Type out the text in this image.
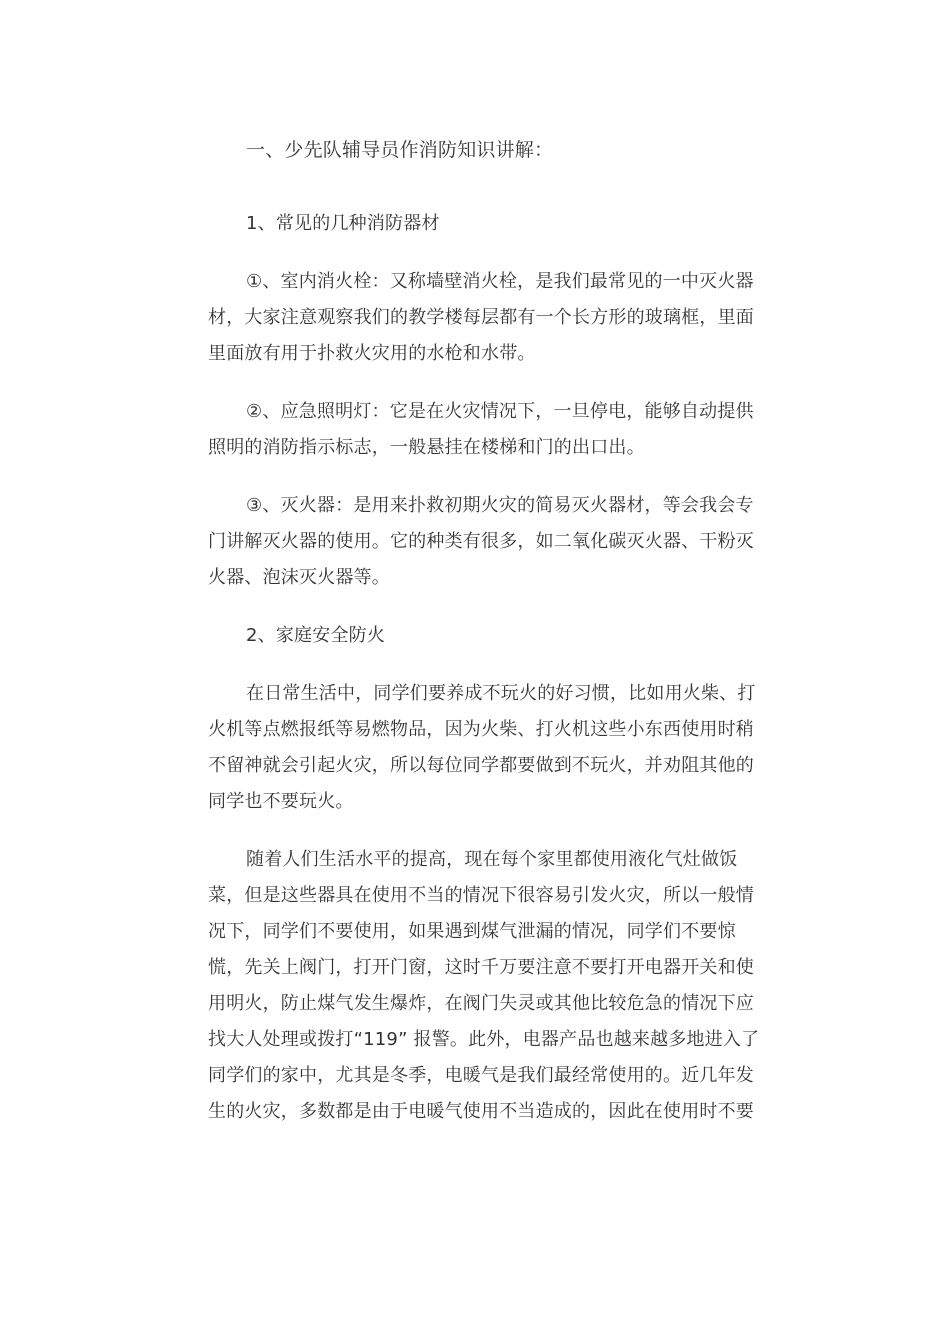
一、少先队辅导员作消防知识讲解：

1、常见的几种消防器材

①、室内消火栓：又称墙壁消火栓，是我们最常见的一中灭火器

材，大家注意观察我们的教学楼每层都有一个长方形的玻璃框，里面

里面放有用于扑救火灾用的水枪和水带。

②、应急照明灯：它是在火灾情况下，一旦停电，能够自动提供

照明的消防指示标志，一般悬挂在楼梯和门的出口出。

③、灭火器：是用来扑救初期火灾的简易灭火器材，等会我会专

门讲解灭火器的使用。它的种类有很多，如二氧化碳灭火器、干粉灭

火器、泡沫灭火器等。

2、家庭安全防火

在日常生活中，同学们要养成不玩火的好习惯，比如用火柴、打

火机等点燃报纸等易燃物品，因为火柴、打火机这些小东西使用时稍

不留神就会引起火灾，所以每位同学都要做到不玩火，并劝阻其他的

同学也不要玩火。

随着人们生活水平的提高，现在每个家里都使用液化气灶做饭

菜，但是这些器具在使用不当的情况下很容易引发火灾，所以一般情

况下，同学们不要使用，如果遇到煤气泄漏的情况，同学们不要惊

慌，先关上阀门，打开门窗，这时千万要注意不要打开电器开关和使

用明火，防止煤气发生爆炸，在阀门失灵或其他比较危急的情况下应

找大人处理或拨打“119” 报警。此外，电器产品也越来越多地进入了

同学们的家中，尤其是冬季，电暖气是我们最经常使用的。近几年发

生的火灾，多数都是由于电暖气使用不当造成的，因此在使用时不要
